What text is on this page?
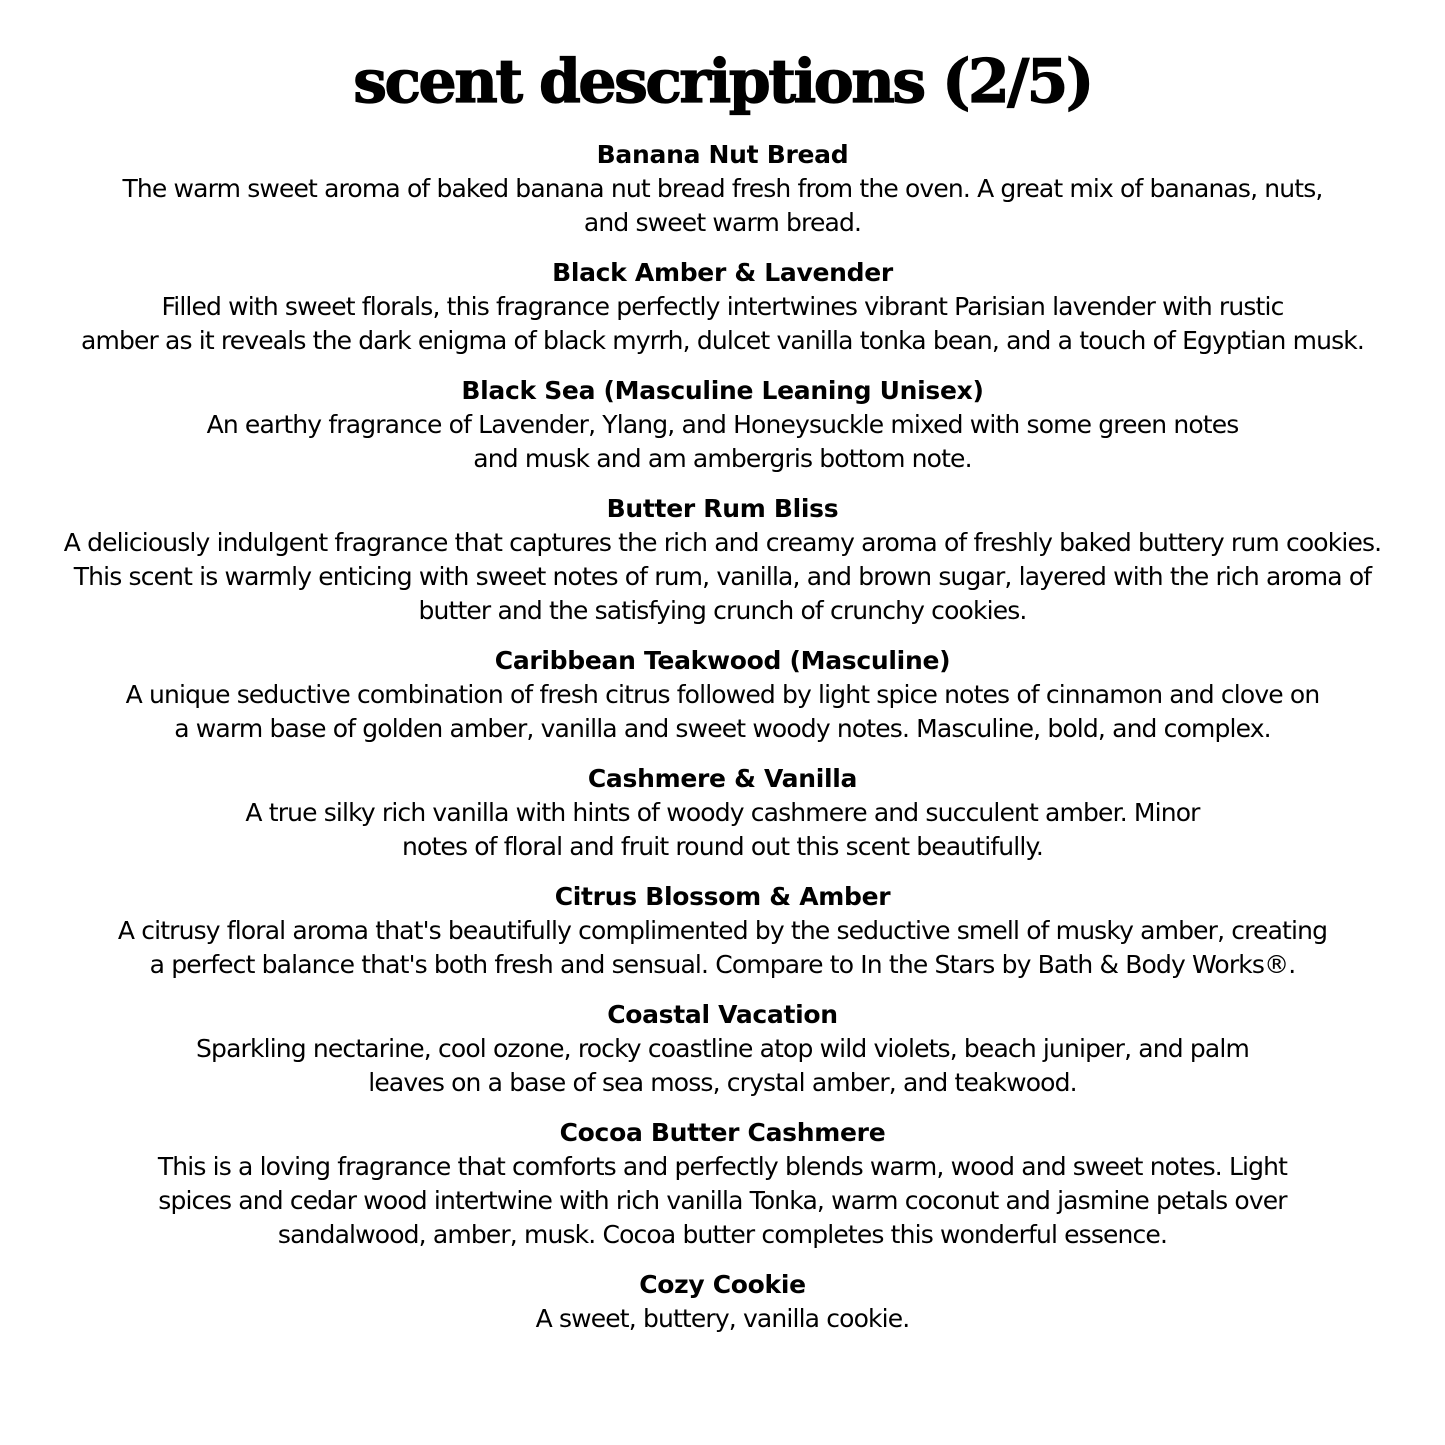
scent descriptions (2/5)
Banana Nut Bread
The warm sweet aroma of baked banana nut bread fresh from the oven. A great mix of bananas, nuts,
and sweet warm bread.
Black Amber & Lavender
Filled with sweet florals, this fragrance perfectly intertwines vibrant Parisian lavender with rustic
amber as it reveals the dark enigma of black myrrh, dulcet vanilla tonka bean, and a touch of Egyptian musk.
Black Sea (Masculine Leaning Unisex)
An earthy fragrance of Lavender, Ylang, and Honeysuckle mixed with some green notes
and musk and am ambergris bottom note.
Butter Rum Bliss
A deliciously indulgent fragrance that captures the rich and creamy aroma of freshly baked buttery rum cookies.
This scent is warmly enticing with sweet notes of rum, vanilla, and brown sugar, layered with the rich aroma of
butter and the satisfying crunch of crunchy cookies.
Caribbean Teakwood (Masculine)
A unique seductive combination of fresh citrus followed by light spice notes of cinnamon and clove on
a warm base of golden amber, vanilla and sweet woody notes. Masculine, bold, and complex.
Cashmere & Vanilla
A true silky rich vanilla with hints of woody cashmere and succulent amber. Minor
notes of floral and fruit round out this scent beautifully.
Citrus Blossom & Amber
A citrusy floral aroma that's beautifully complimented by the seductive smell of musky amber, creating
a perfect balance that's both fresh and sensual. Compare to In the Stars by Bath & Body Works®.
Coastal Vacation
Sparkling nectarine, cool ozone, rocky coastline atop wild violets, beach juniper, and palm
leaves on a base of sea moss, crystal amber, and teakwood.
Cocoa Butter Cashmere
This is a loving fragrance that comforts and perfectly blends warm, wood and sweet notes. Light
spices and cedar wood intertwine with rich vanilla Tonka, warm coconut and jasmine petals over
sandalwood, amber, musk. Cocoa butter completes this wonderful essence.
Cozy Cookie
A sweet, buttery, vanilla cookie.
